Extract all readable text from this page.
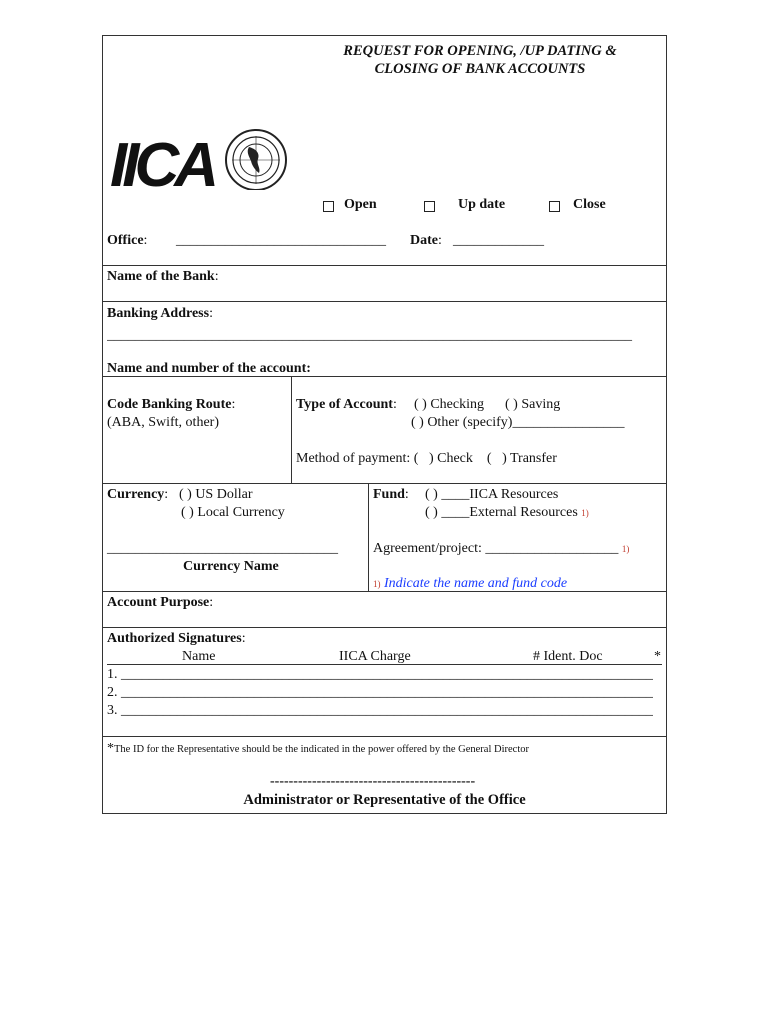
REQUEST FOR OPENING, /UP DATING &
CLOSING OF BANK ACCOUNTS
IICA
Open	Up date	Close
Office: ______________________________ Date: _____________
Name of the Bank:
Banking Address:
___________________________________________________________________________
Name and number of the account:
Code Banking Route:
(ABA, Swift, other)
Type of Account: ( ) Checking ( ) Saving
( ) Other (specify)________________
Method of payment: (   ) Check    (   ) Transfer
Currency: ( ) US Dollar
( ) Local Currency
_________________________________
Currency Name
Fund: ( ) ____IICA Resources
( ) ____External Resources 1)
Agreement/project: ___________________ 1)
1) Indicate the name and fund code
Account Purpose:
Authorized Signatures:
Name	IICA Charge	# Ident. Doc	*
1. ____________________________________________________________________________
2. ____________________________________________________________________________
3. ____________________________________________________________________________
*The ID for the Representative should be the indicated in the power offered by the General Director
--------------------------------------------
Administrator or Representative of the Office
